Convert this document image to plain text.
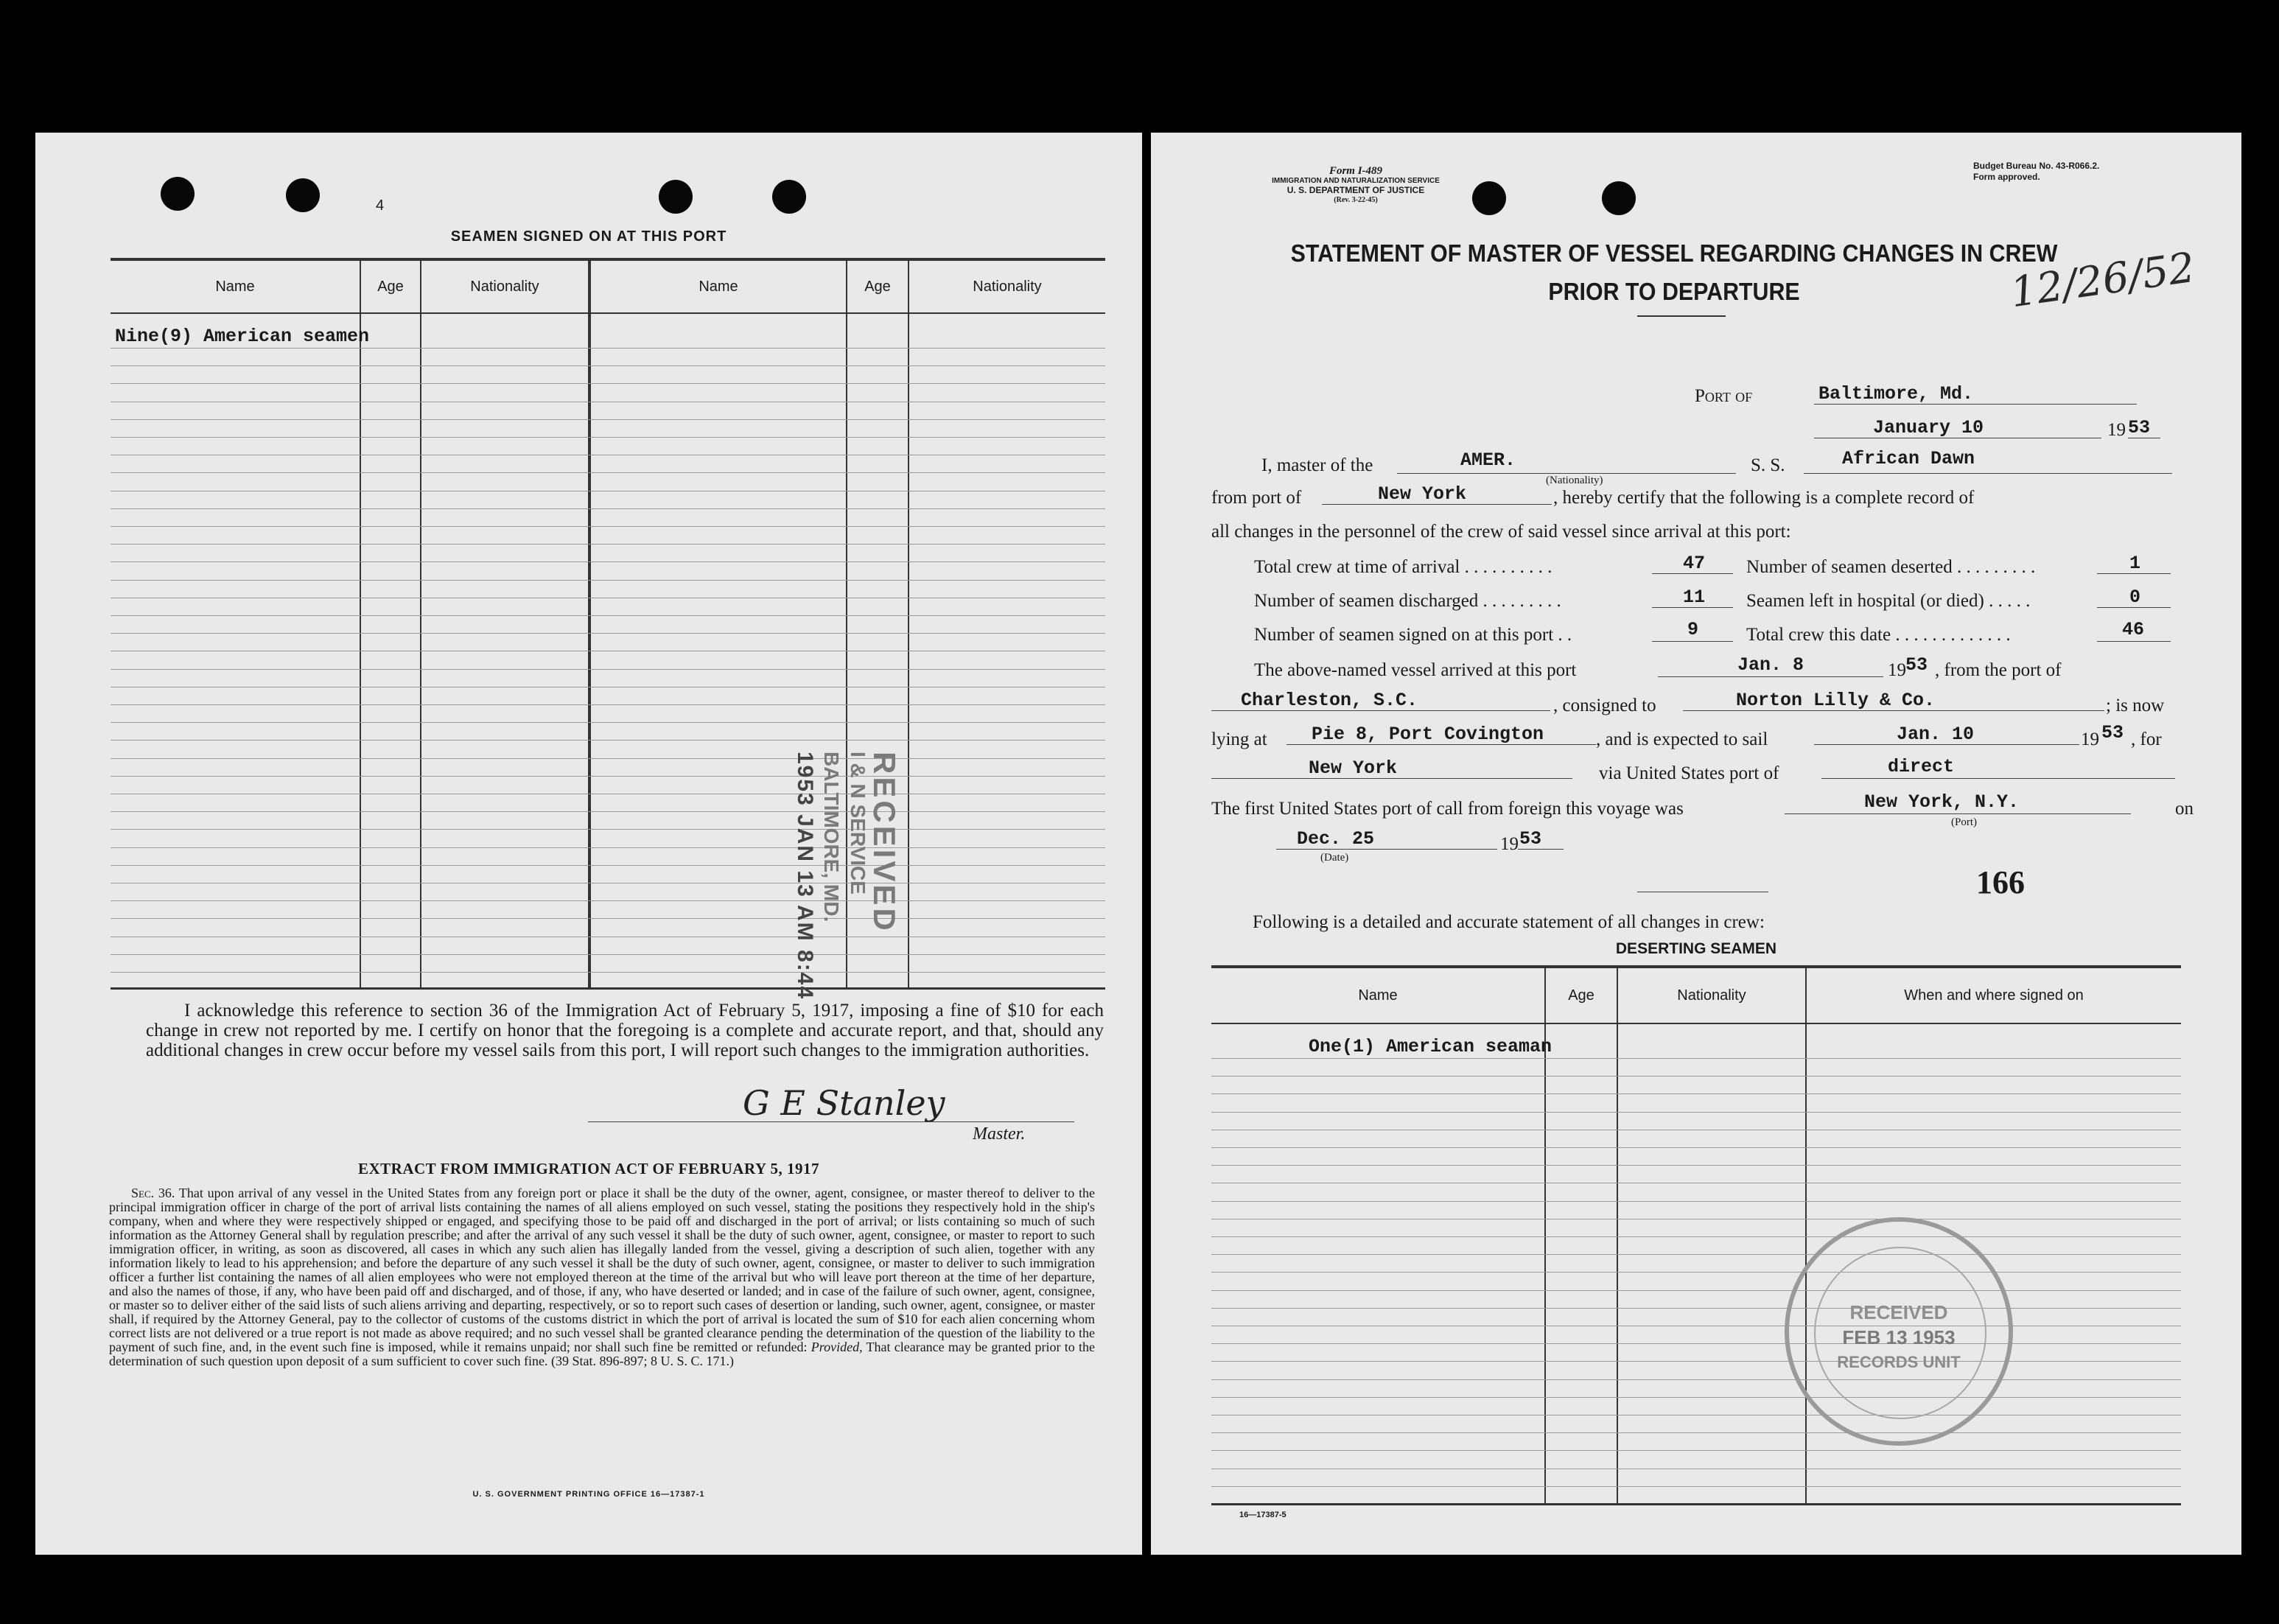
4
SEAMEN SIGNED ON AT THIS PORT
Name	Age	Nationality	Name	Age	Nationality
Nine(9) American seamen
RECEIVED
I & N SERVICE
BALTIMORE, MD.
1953 JAN 13 AM 8:44
I acknowledge this reference to section 36 of the Immigration Act of February 5, 1917, imposing a fine of $10 for each change in crew not reported by me. I certify on honor that the foregoing is a complete and accurate report, and that, should any additional changes in crew occur before my vessel sails from this port, I will report such changes to the immigration authorities.
G E Stanley
Master.
EXTRACT FROM IMMIGRATION ACT OF FEBRUARY 5, 1917
Sec. 36. That upon arrival of any vessel in the United States from any foreign port or place it shall be the duty of the owner, agent, consignee, or master thereof to deliver to the principal immigration officer in charge of the port of arrival lists containing the names of all aliens employed on such vessel, stating the positions they respectively hold in the ship's company, when and where they were respectively shipped or engaged, and specifying those to be paid off and discharged in the port of arrival; or lists containing so much of such information as the Attorney General shall by regulation prescribe; and after the arrival of any such vessel it shall be the duty of such owner, agent, consignee, or master to report to such immigration officer, in writing, as soon as discovered, all cases in which any such alien has illegally landed from the vessel, giving a description of such alien, together with any information likely to lead to his apprehension; and before the departure of any such vessel it shall be the duty of such owner, agent, consignee, or master to deliver to such immigration officer a further list containing the names of all alien employees who were not employed thereon at the time of the arrival but who will leave port thereon at the time of her departure, and also the names of those, if any, who have been paid off and discharged, and of those, if any, who have deserted or landed; and in case of the failure of such owner, agent, consignee, or master so to deliver either of the said lists of such aliens arriving and departing, respectively, or so to report such cases of desertion or landing, such owner, agent, consignee, or master shall, if required by the Attorney General, pay to the collector of customs of the customs district in which the port of arrival is located the sum of $10 for each alien concerning whom correct lists are not delivered or a true report is not made as above required; and no such vessel shall be granted clearance pending the determination of the question of the liability to the payment of such fine, and, in the event such fine is imposed, while it remains unpaid; nor shall such fine be remitted or refunded: Provided, That clearance may be granted prior to the determination of such question upon deposit of a sum sufficient to cover such fine. (39 Stat. 896-897; 8 U. S. C. 171.)
U. S. GOVERNMENT PRINTING OFFICE 16—17387-1
Form I-489
IMMIGRATION AND NATURALIZATION SERVICE
U. S. DEPARTMENT OF JUSTICE
(Rev. 3-22-45)
Budget Bureau No. 43-R066.2.
Form approved.
STATEMENT OF MASTER OF VESSEL REGARDING CHANGES IN CREW
PRIOR TO DEPARTURE	12/26/52
Port of	Baltimore, Md.
January 10	19 53
I, master of the	AMER.
(Nationality)
S. S.	African Dawn
from port of	New York	, hereby certify that the following is a complete record of
all changes in the personnel of the crew of said vessel since arrival at this port:
Total crew at time of arrival . . . . . . . . . .	47 Number of seamen deserted . . . . . . . . .	1
Number of seamen discharged . . . . . . . . .	11 Seamen left in hospital (or died) . . . . .	0
Number of seamen signed on at this port . .	9	Total crew this date . . . . . . . . . . . . .	46
The above-named vessel arrived at this port	Jan. 8	19 53 , from the port of
Charleston, S.C.	, consigned to	Norton Lilly & Co.	; is now
lying at Pie 8, Port Covington	, and is expected to sail	Jan. 10	19 53 , for
New York	via United States port of	direct
The first United States port of call from foreign this voyage was	New York, N.Y.
(Port)
on
Dec. 25
(Date)
19 53
166
Following is a detailed and accurate statement of all changes in crew:
DESERTING SEAMEN
Name	Age	Nationality	When and where signed on
One(1) American seaman
RECEIVED
FEB 13 1953
RECORDS UNIT
16—17387-5
